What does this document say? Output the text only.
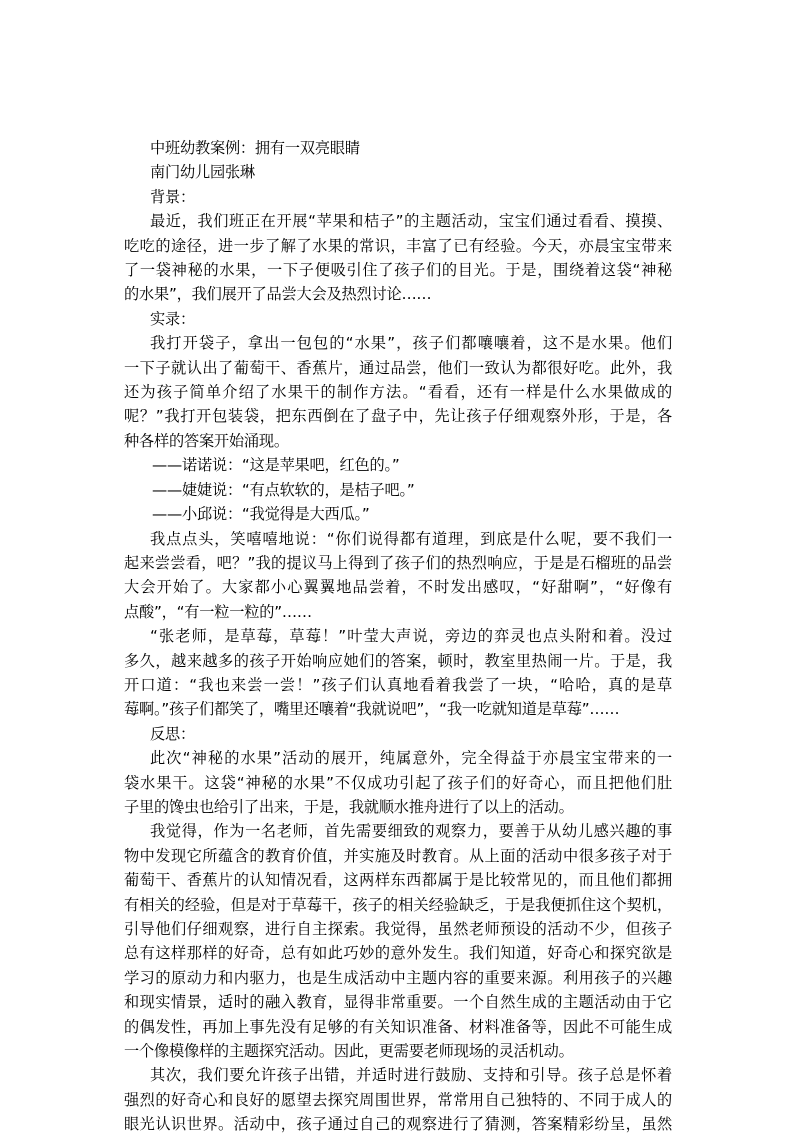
中班幼教案例：拥有一双亮眼睛

南门幼儿园张琳

背景：

最近，我们班正在开展“苹果和桔子”的主题活动，宝宝们通过看看、摸摸、

吃吃的途径，进一步了解了水果的常识，丰富了已有经验。今天，亦晨宝宝带来

了一袋神秘的水果，一下子便吸引住了孩子们的目光。于是，围绕着这袋“神秘

的水果”，我们展开了品尝大会及热烈讨论……

实录：

我打开袋子，拿出一包包的“水果”，孩子们都嚷嚷着，这不是水果。他们

一下子就认出了葡萄干、香蕉片，通过品尝，他们一致认为都很好吃。此外，我

还为孩子简单介绍了水果干的制作方法。“看看，还有一样是什么水果做成的

呢？”我打开包装袋，把东西倒在了盘子中，先让孩子仔细观察外形，于是，各

种各样的答案开始涌现。

——诺诺说：“这是苹果吧，红色的。”

——婕婕说：“有点软软的，是桔子吧。”

——小邱说：“我觉得是大西瓜。”

我点点头，笑嘻嘻地说：“你们说得都有道理，到底是什么呢，要不我们一

起来尝尝看，吧？”我的提议马上得到了孩子们的热烈响应，于是是石榴班的品尝

大会开始了。大家都小心翼翼地品尝着，不时发出感叹，“好甜啊”，“好像有

点酸”，“有一粒一粒的”……

“张老师，是草莓，草莓！”叶莹大声说，旁边的弈灵也点头附和着。没过

多久，越来越多的孩子开始响应她们的答案，顿时，教室里热闹一片。于是，我

开口道：“我也来尝一尝！”孩子们认真地看着我尝了一块，“哈哈，真的是草

莓啊。”孩子们都笑了，嘴里还嚷着“我就说吧”，“我一吃就知道是草莓”……

反思：

此次“神秘的水果”活动的展开，纯属意外，完全得益于亦晨宝宝带来的一

袋水果干。这袋“神秘的水果”不仅成功引起了孩子们的好奇心，而且把他们肚

子里的馋虫也给引了出来，于是，我就顺水推舟进行了以上的活动。

我觉得，作为一名老师，首先需要细致的观察力，要善于从幼儿感兴趣的事

物中发现它所蕴含的教育价值，并实施及时教育。从上面的活动中很多孩子对于

葡萄干、香蕉片的认知情况看，这两样东西都属于是比较常见的，而且他们都拥

有相关的经验，但是对于草莓干，孩子的相关经验缺乏，于是我便抓住这个契机，

引导他们仔细观察，进行自主探索。我觉得，虽然老师预设的活动不少，但孩子

总有这样那样的好奇，总有如此巧妙的意外发生。我们知道，好奇心和探究欲是

学习的原动力和内驱力，也是生成活动中主题内容的重要来源。利用孩子的兴趣

和现实情景，适时的融入教育，显得非常重要。一个自然生成的主题活动由于它

的偶发性，再加上事先没有足够的有关知识准备、材料准备等，因此不可能生成

一个像模像样的主题探究活动。因此，更需要老师现场的灵活机动。

其次，我们要允许孩子出错，并适时进行鼓励、支持和引导。孩子总是怀着

强烈的好奇心和良好的愿望去探究周围世界，常常用自己独特的、不同于成人的

眼光认识世界。活动中，孩子通过自己的观察进行了猜测，答案精彩纷呈，虽然
